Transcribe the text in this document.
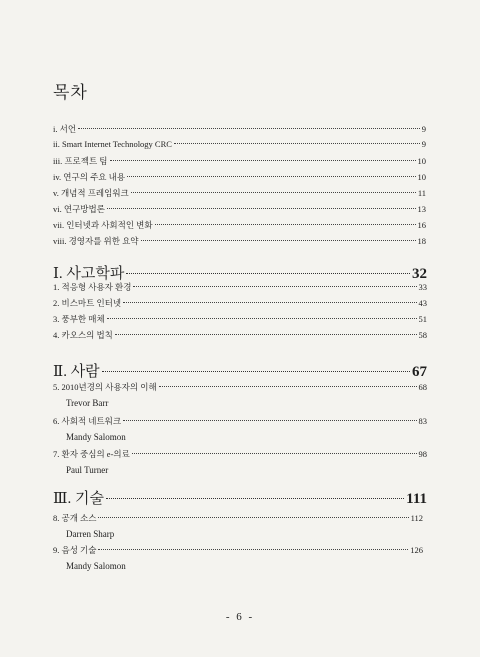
목차
i. 서언	9
ii. Smart Internet Technology CRC	9
iii. 프로젝트 팀	10
iv. 연구의 주요 내용	10
v. 개념적 프레임워크	11
vi. 연구방법론	13
vii. 인터넷과 사회적인 변화	16
viii. 경영자를 위한 요약	18
Ⅰ. 사고학파	32
1. 적응형 사용자 환경	33
2. 비스마트 인터넷	43
3. 풍부한 매체	51
4. 카오스의 법칙	58
Ⅱ. 사람	67
5. 2010년경의 사용자의 이해	68
Trevor Barr
6. 사회적 네트워크	83
Mandy Salomon
7. 환자 중심의 e-의료	98
Paul Turner
Ⅲ. 기술	111
8. 공개 소스	112
Darren Sharp
9. 음성 기술	126
Mandy Salomon
- 6 -
